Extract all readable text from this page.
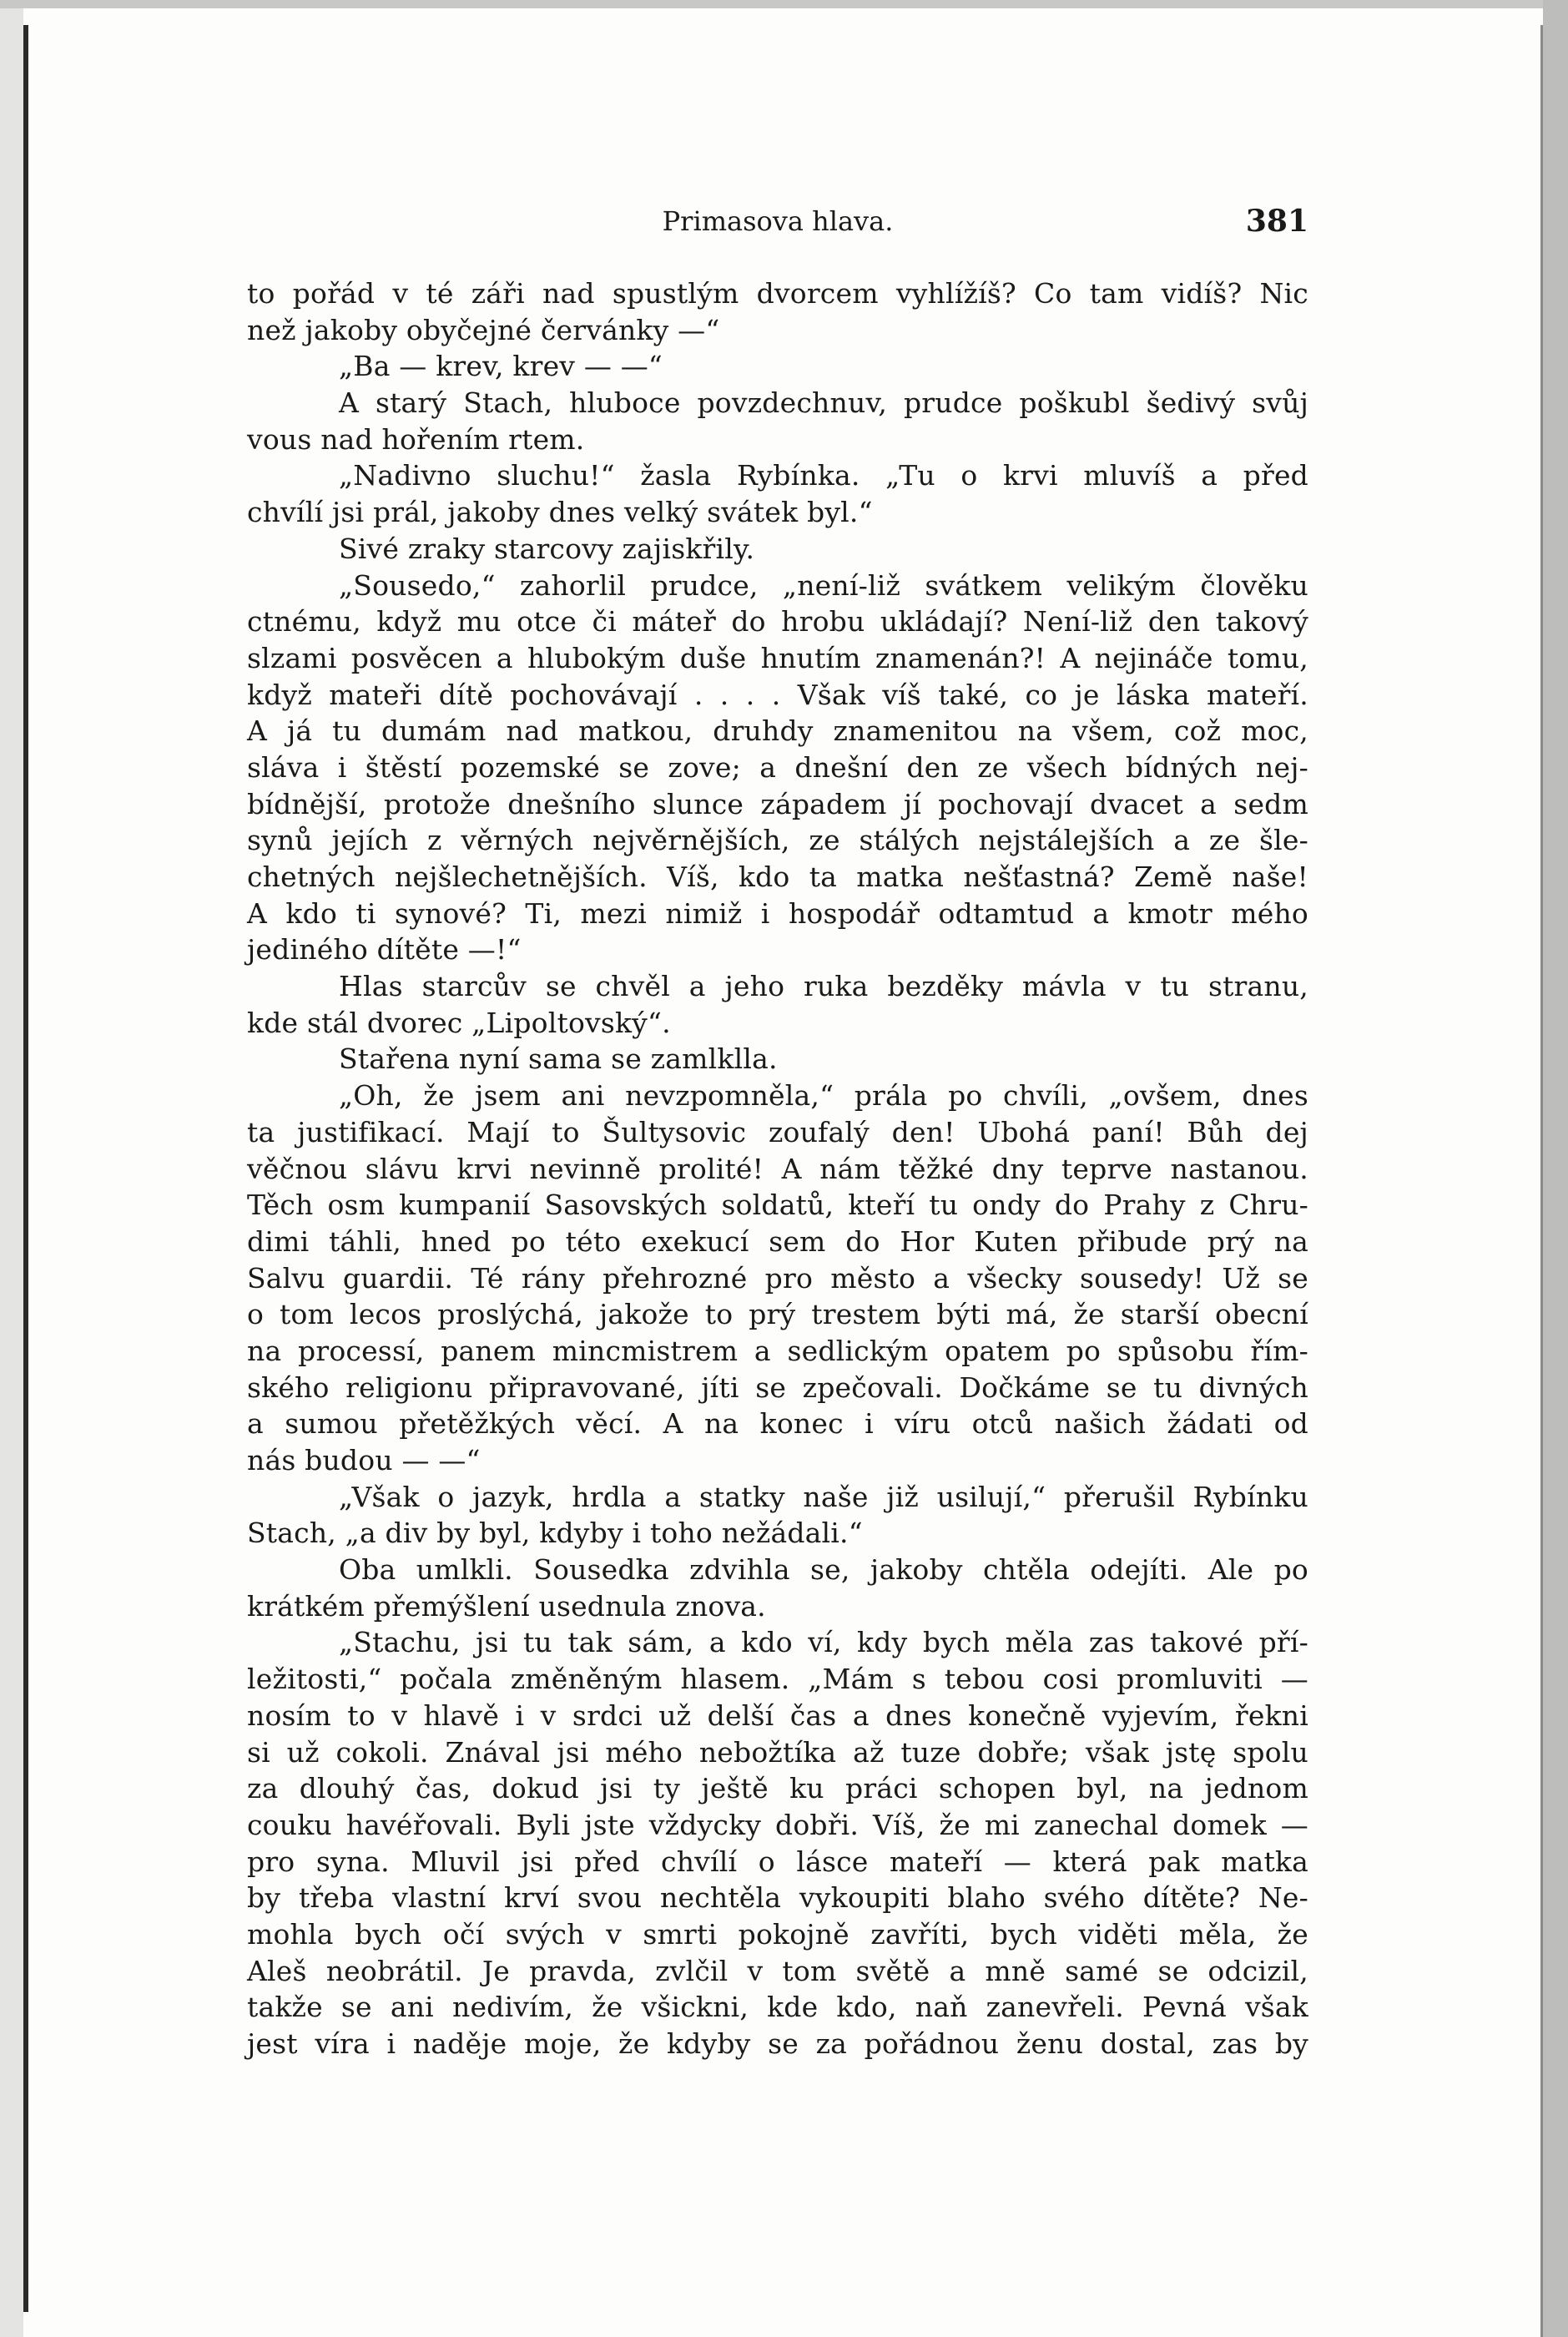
Primasova hlava.	381
to pořád v té záři nad spustlým dvorcem vyhlížíš? Co tam vidíš? Nic
než jakoby obyčejné červánky —“
„Ba — krev, krev — —“
A starý Stach, hluboce povzdechnuv, prudce poškubl šedivý svůj
vous nad hořením rtem.
„Nadivno sluchu!“ žasla Rybínka. „Tu o krvi mluvíš a před
chvílí jsi prál, jakoby dnes velký svátek byl.“
Sivé zraky starcovy zajiskřily.
„Sousedo,“ zahorlil prudce, „není-liž svátkem velikým člověku
ctnému, když mu otce či máteř do hrobu ukládají? Není-liž den takový
slzami posvěcen a hlubokým duše hnutím znamenán?! A nejináče tomu,
když mateři dítě pochovávají . . . . Však víš také, co je láska mateří.
A já tu dumám nad matkou, druhdy znamenitou na všem, což moc,
sláva i štěstí pozemské se zove; a dnešní den ze všech bídných nej-
bídnější, protože dnešního slunce západem jí pochovají dvacet a sedm
synů jejích z věrných nejvěrnějších, ze stálých nejstálejších a ze šle-
chetných nejšlechetnějších. Víš, kdo ta matka nešťastná? Země naše!
A kdo ti synové? Ti, mezi nimiž i hospodář odtamtud a kmotr mého
jediného dítěte —!“
Hlas starcův se chvěl a jeho ruka bezděky mávla v tu stranu,
kde stál dvorec „Lipoltovský“.
Stařena nyní sama se zamlklla.
„Oh, že jsem ani nevzpomněla,“ prála po chvíli, „ovšem, dnes
ta justifikací. Mají to Šultysovic zoufalý den! Ubohá paní! Bůh dej
věčnou slávu krvi nevinně prolité! A nám těžké dny teprve nastanou.
Těch osm kumpanií Sasovských soldatů, kteří tu ondy do Prahy z Chru-
dimi táhli, hned po této exekucí sem do Hor Kuten přibude prý na
Salvu guardii. Té rány přehrozné pro město a všecky sousedy! Už se
o tom lecos proslýchá, jakože to prý trestem býti má, že starší obecní
na processí, panem mincmistrem a sedlickým opatem po spůsobu řím-
ského religionu připravované, jíti se zpečovali. Dočkáme se tu divných
a sumou přetěžkých věcí. A na konec i víru otců našich žádati od
nás budou — —“
„Však o jazyk, hrdla a statky naše již usilují,“ přerušil Rybínku
Stach, „a div by byl, kdyby i toho nežádali.“
Oba umlkli. Sousedka zdvihla se, jakoby chtěla odejíti. Ale po
krátkém přemýšlení usednula znova.
„Stachu, jsi tu tak sám, a kdo ví, kdy bych měla zas takové pří-
ležitosti,“ počala změněným hlasem. „Mám s tebou cosi promluviti —
nosím to v hlavě i v srdci už delší čas a dnes konečně vyjevím, řekni
si už cokoli. Znával jsi mého nebožtíka až tuze dobře; však jstę spolu
za dlouhý čas, dokud jsi ty ještě ku práci schopen byl, na jednom
couku havéřovali. Byli jste vždycky dobři. Víš, že mi zanechal domek —
pro syna. Mluvil jsi před chvílí o lásce mateří — která pak matka
by třeba vlastní krví svou nechtěla vykoupiti blaho svého dítěte? Ne-
mohla bych očí svých v smrti pokojně zavříti, bych viděti měla, že
Aleš neobrátil. Je pravda, zvlčil v tom světě a mně samé se odcizil,
takže se ani nedivím, že všickni, kde kdo, naň zanevřeli. Pevná však
jest víra i naděje moje, že kdyby se za pořádnou ženu dostal, zas by
